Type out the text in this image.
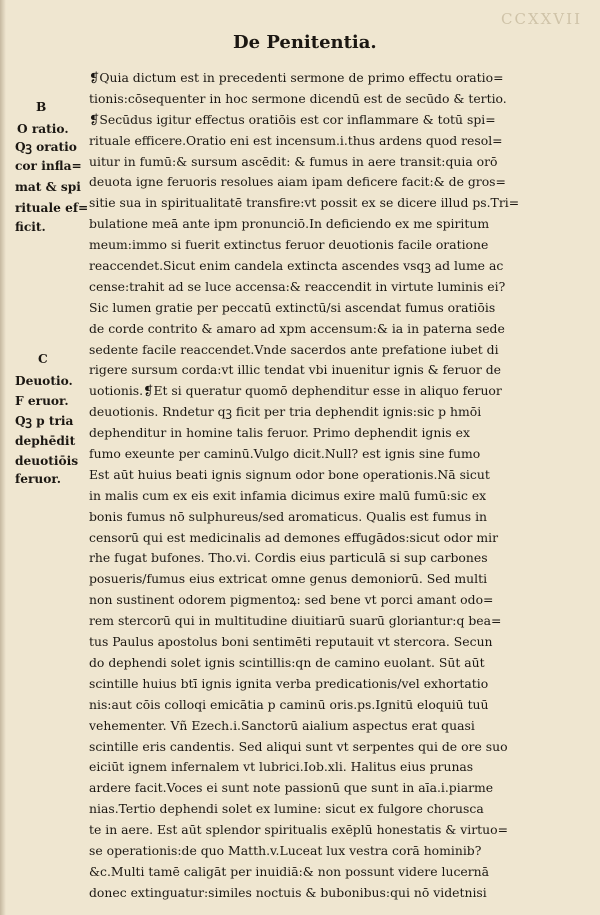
CCXXVII
De Penitentia.
B
O ratio.
Qꝫ oratio
cor infla=
mat & spi
rituale ef=
ficit.
C
Deuotio.
F eruor.
Qꝫ p tria
dephēdit
deuotiōis
feruor.
❡Quia dictum est in precedenti sermone de primo effectu oratio=
tionis:cōsequenter in hoc sermone dicendū est de secūdo & tertio.
❡Secūdus igitur effectus oratiōis est cor inflammare & totū spi=
rituale efficere.Oratio eni est incensum.i.thus ardens quod resol=
uitur in fumū:& sursum ascēdit: & fumus in aere transit:quia orō
deuota igne feruoris resolues aiam ipam deficere facit:& de gros=
sitie sua in spiritualitatē transfire:vt possit ex se dicere illud ps.Tri=
bulatione meā ante ipm pronunciō.In deficiendo ex me spiritum
meum:immo si fuerit extinctus feruor deuotionis facile oratione
reaccendet.Sicut enim candela extincta ascendes vsqꝫ ad lume ac
cense:trahit ad se luce accensa:& reaccendit in virtute luminis ei?
Sic lumen gratie per peccatū extinctū/si ascendat fumus oratiōis
de corde contrito & amaro ad xpm accensum:& ia in paterna sede
sedente facile reaccendet.Vnde sacerdos ante prefatione iubet di
rigere sursum corda:vt illic tendat vbi inuenitur ignis & feruor de
uotionis.❡Et si queratur quomō dephenditur esse in aliquo feruor
deuotionis. Rndetur qꝫ ficit per tria dephendit ignis:sic p hmōi
dephenditur in homine talis feruor. Primo dephendit ignis ex
fumo exeunte per caminū.Vulgo dicit.Null? est ignis sine fumo
Est aūt huius beati ignis signum odor bone operationis.Nā sicut
in malis cum ex eis exit infamia dicimus exire malū fumū:sic ex
bonis fumus nō sulphureus/sed aromaticus. Qualis est fumus in
censorū qui est medicinalis ad demones effugādos:sicut odor mir
rhe fugat bufones. Tho.vi. Cordis eius particulā si sup carbones
posueris/fumus eius extricat omne genus demoniorū. Sed multi
non sustinent odorem pigmentoꝝ: sed bene vt porci amant odo=
rem stercorū qui in multitudine diuitiarū suarū gloriantur:q bea=
tus Paulus apostolus boni sentimēti reputauit vt stercora. Secun
do dephendi solet ignis scintillis:qn de camino euolant. Sūt aūt
scintille huius btī ignis ignita verba predicationis/vel exhortatio
nis:aut cōis colloqi emicātia p caminū oris.ps.Ignitū eloquiū tuū
vehementer. Vñ Ezech.i.Sanctorū aialium aspectus erat quasi
scintille eris candentis. Sed aliqui sunt vt serpentes qui de ore suo
eiciūt ignem infernalem vt lubrici.Iob.xli. Halitus eius prunas
ardere facit.Voces ei sunt note passionū que sunt in aīa.i.piarme
nias.Tertio dephendi solet ex lumine: sicut ex fulgore chorusca
te in aere. Est aūt splendor spiritualis exēplū honestatis & virtuo=
se operationis:de quo Matth.v.Luceat lux vestra corā hominib?
&c.Multi tamē caligāt per inuidiā:& non possunt videre lucernā
donec extinguatur:similes noctuis & bubonibus:qui nō videtnisi
